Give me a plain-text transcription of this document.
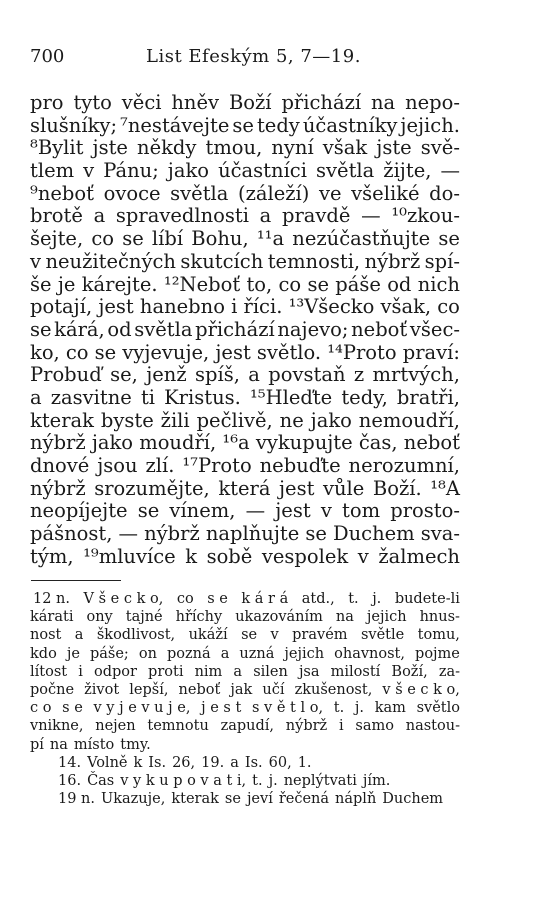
700	List Efeským 5, 7—19.
pro tyto věci hněv Boží přichází na nepo-
slušníky; ⁷nestávejte se tedy účastníky jejich.
⁸Bylit jste někdy tmou, nyní však jste svě-
tlem v Pánu; jako účastníci světla žijte, —
⁹neboť ovoce světla (záleží) ve všeliké do-
brotě a spravedlnosti a pravdě — ¹⁰zkou-
šejte, co se líbí Bohu, ¹¹a nezúčastňujte se
v neužitečných skutcích temnosti, nýbrž spí-
še je kárejte. ¹²Neboť to, co se páše od nich
potají, jest hanebno i říci. ¹³Všecko však, co
se kárá, od světla přichází najevo; neboť všec-
ko, co se vyjevuje, jest světlo. ¹⁴Proto praví:
Probuď se, jenž spíš, a povstaň z mrtvých,
a zasvitne ti Kristus. ¹⁵Hleďte tedy, bratři,
kterak byste žili pečlivě, ne jako nemoudří,
nýbrž jako moudří, ¹⁶a vykupujte čas, neboť
dnové jsou zlí. ¹⁷Proto nebuďte nerozumní,
nýbrž srozumějte, která jest vůle Boží. ¹⁸A
neopíjejte se vínem, — jest v tom prosto-
pášnost, — nýbrž naplňujte se Duchem sva-
tým, ¹⁹mluvíce k sobě vespolek v žalmech
12 n. V š e c k o, co s e k á r á atd., t. j. budete-li
kárati ony tajné hříchy ukazováním na jejich hnus-
nost a škodlivost, ukáží se v pravém světle tomu,
kdo je páše; on pozná a uzná jejich ohavnost, pojme
lítost i odpor proti nim a silen jsa milostí Boží, za-
počne život lepší, neboť jak učí zkušenost, v š e c k o,
c o s e v y j e v u j e, j e s t s v ě t l o, t. j. kam světlo
vnikne, nejen temnotu zapudí, nýbrž i samo nastou-
pí na místo tmy.
14. Volně k Is. 26, 19. a Is. 60, 1.
16. Čas v y k u p o v a t i, t. j. neplýtvati jím.
19 n. Ukazuje, kterak se jeví řečená náplň Duchem
